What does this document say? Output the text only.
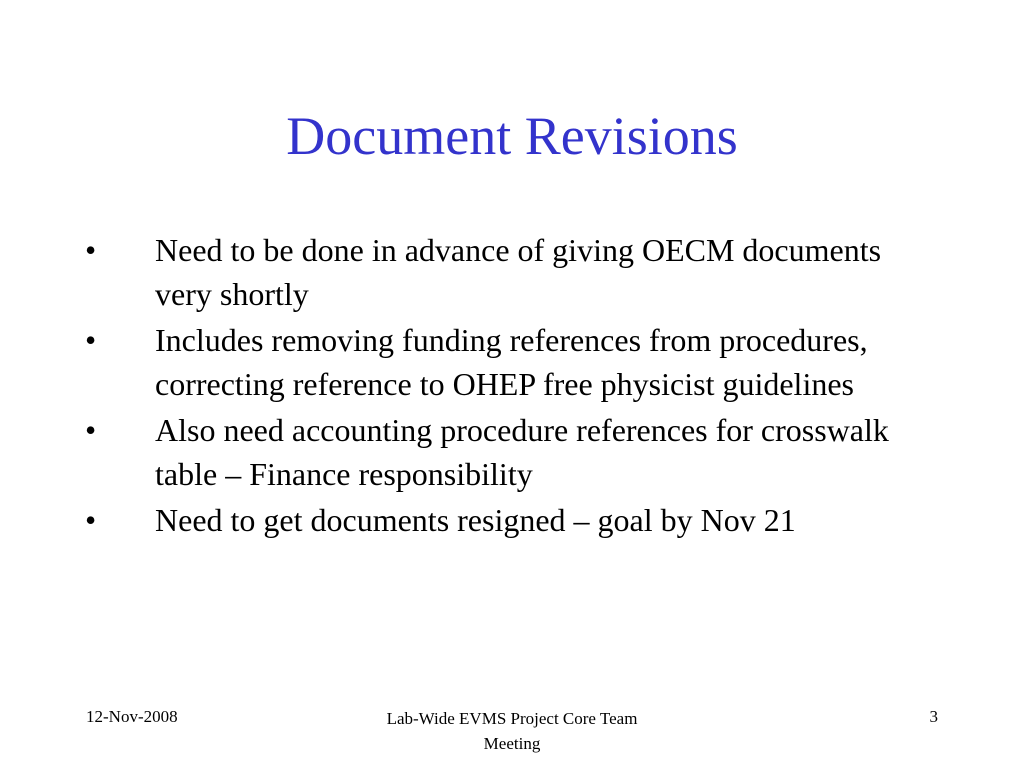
Document Revisions
•	Need to be done in advance of giving OECM documents very shortly
•	Includes removing funding references from procedures, correcting reference to OHEP free physicist guidelines
•	Also need accounting procedure references for crosswalk table – Finance responsibility
•	Need to get documents resigned – goal by Nov 21
12-Nov-2008	Lab-Wide EVMS Project Core Team Meeting
3
